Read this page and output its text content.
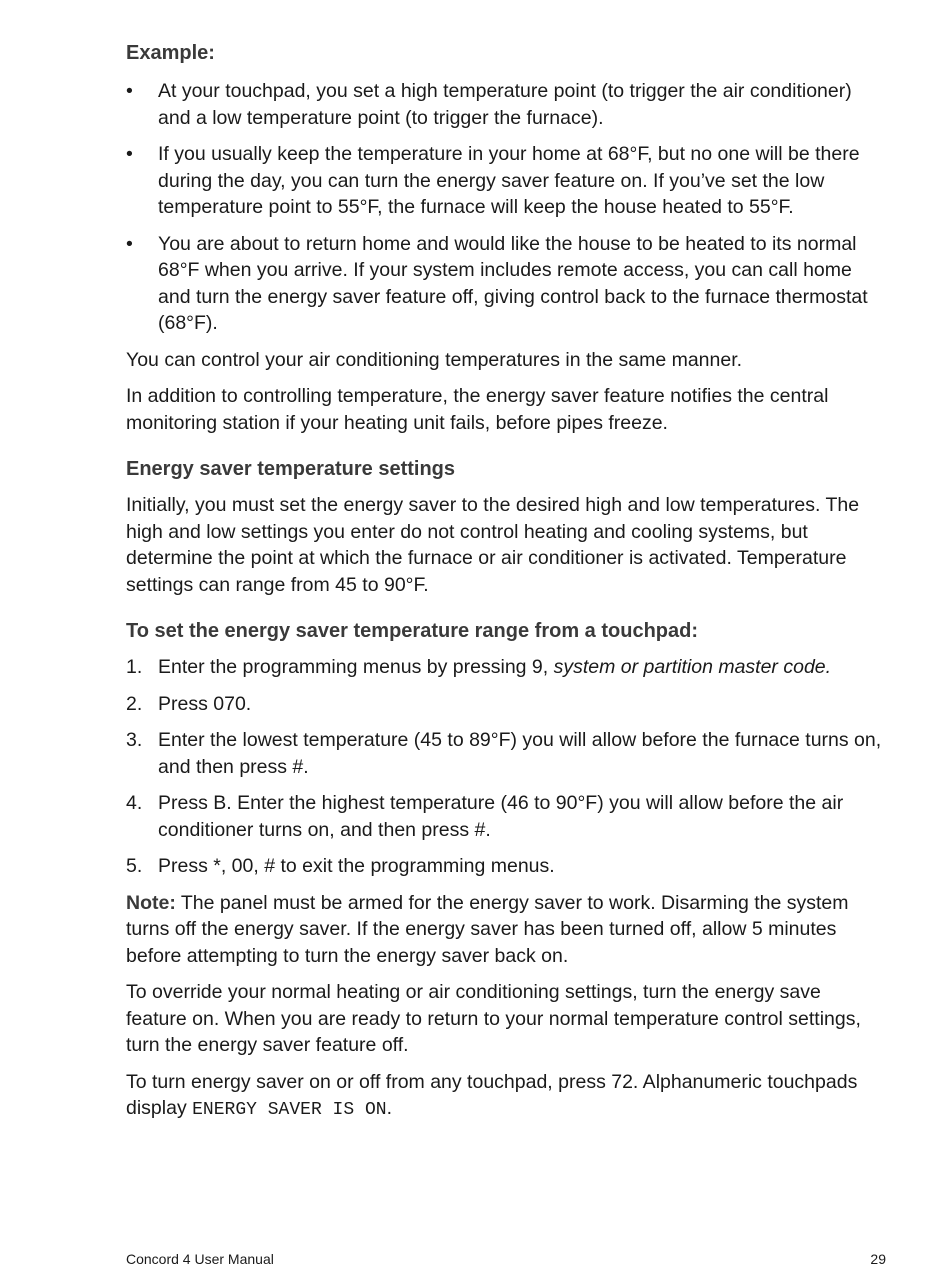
Example:
•	At your touchpad, you set a high temperature point (to trigger the air conditioner) and a low temperature point (to trigger the furnace).
•	If you usually keep the temperature in your home at 68°F, but no one will be there during the day, you can turn the energy saver feature on. If you’ve set the low temperature point to 55°F, the furnace will keep the house heated to 55°F.
•	You are about to return home and would like the house to be heated to its normal 68°F when you arrive. If your system includes remote access, you can call home and turn the energy saver feature off, giving control back to the furnace thermostat (68°F).

You can control your air conditioning temperatures in the same manner.

In addition to controlling temperature, the energy saver feature notifies the central monitoring station if your heating unit fails, before pipes freeze.

Energy saver temperature settings

Initially, you must set the energy saver to the desired high and low temperatures. The high and low settings you enter do not control heating and cooling systems, but determine the point at which the furnace or air conditioner is activated. Temperature settings can range from 45 to 90°F.

To set the energy saver temperature range from a touchpad:
1. Enter the programming menus by pressing 9, system or partition master code.
2. Press 070.
3. Enter the lowest temperature (45 to 89°F) you will allow before the furnace turns on, and then press #.
4. Press B. Enter the highest temperature (46 to 90°F) you will allow before the air conditioner turns on, and then press #.
5. Press *, 00, # to exit the programming menus.

Note: The panel must be armed for the energy saver to work. Disarming the system turns off the energy saver. If the energy saver has been turned off, allow 5 minutes before attempting to turn the energy saver back on.

To override your normal heating or air conditioning settings, turn the energy save feature on. When you are ready to return to your normal temperature control settings, turn the energy saver feature off.

To turn energy saver on or off from any touchpad, press 72. Alphanumeric touchpads display ENERGY SAVER IS ON.

Concord 4 User Manual	29
